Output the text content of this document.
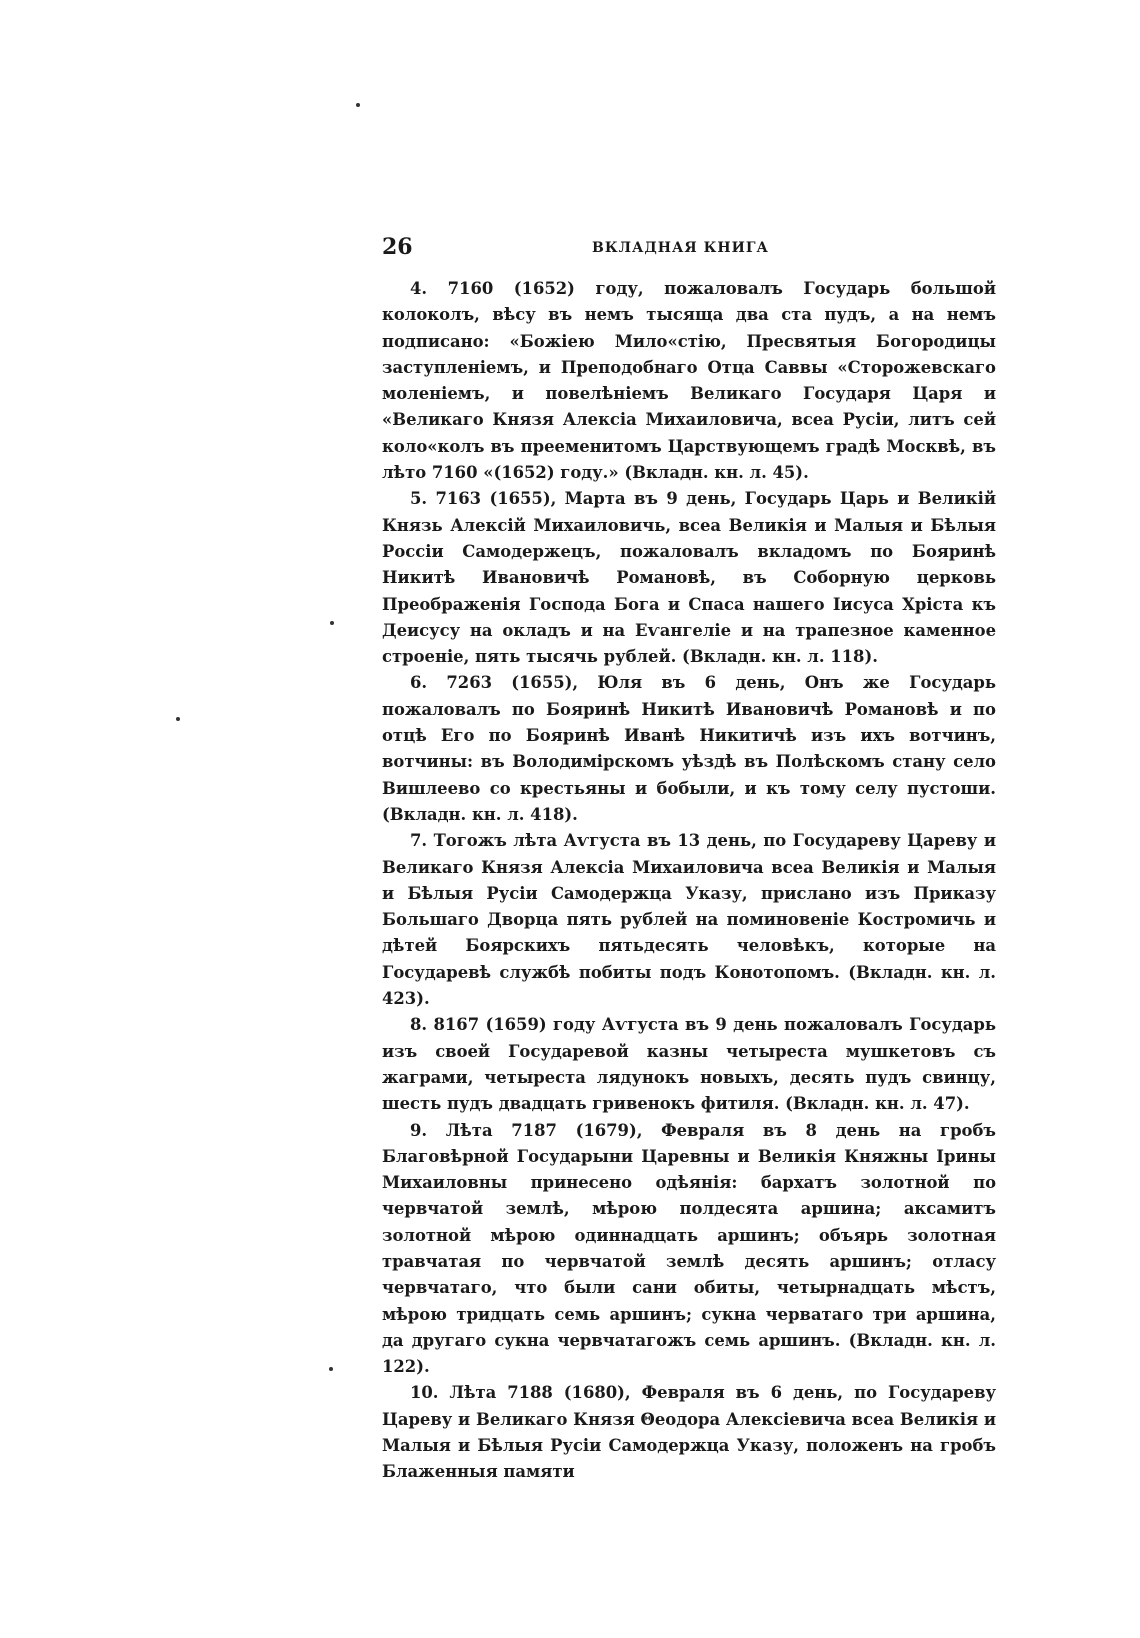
26	ВКЛАДНАЯ КНИГА

4. 7160 (1652) году, пожаловалъ Государь большой колоколъ, вѣсу въ немъ тысяща два ста пудъ, а на немъ подписано: «Божіею Мило«стію, Пресвятыя Богородицы заступленіемъ, и Преподобнаго Отца Саввы «Сторожевскаго моленіемъ, и повелѣніемъ Великаго Государя Царя и «Великаго Князя Алексіа Михаиловича, всеа Русіи, литъ сей коло«колъ въ прееменитомъ Царствующемъ градѣ Москвѣ, въ лѣто 7160 «(1652) году.» (Вкладн. кн. л. 45).

5. 7163 (1655), Марта въ 9 день, Государь Царь и Великій Князь Алексій Михаиловичь, всеа Великія и Малыя и Бѣлыя Россіи Самодержецъ, пожаловалъ вкладомъ по Бояринѣ Никитѣ Ивановичѣ Романовѣ, въ Соборную церковь Преображенія Господа Бога и Спаса нашего Іисуса Хріста къ Деисусу на окладъ и на Еѵангеліе и на трапезное каменное строеніе, пять тысячь рублей. (Вкладн. кн. л. 118).

6. 7263 (1655), Юля въ 6 день, Онъ же Государь пожаловалъ по Бояринѣ Никитѣ Ивановичѣ Романовѣ и по отцѣ Его по Бояринѣ Иванѣ Никитичѣ изъ ихъ вотчинъ, вотчины: въ Володимірскомъ уѣздѣ въ Полѣскомъ стану село Вишлеево со крестьяны и бобыли, и къ тому селу пустоши. (Вкладн. кн. л. 418).

7. Тогожъ лѣта Аѵгуста въ 13 день, по Государеву Цареву и Великаго Князя Алексіа Михаиловича всеа Великія и Малыя и Бѣлыя Русіи Самодержца Указу, прислано изъ Приказу Большаго Дворца пять рублей на поминовеніе Костромичь и дѣтей Боярскихъ пятьдесять человѣкъ, которые на Государевѣ службѣ побиты подъ Конотопомъ. (Вкладн. кн. л. 423).

8. 8167 (1659) году Аѵгуста въ 9 день пожаловалъ Государь изъ своей Государевой казны четыреста мушкетовъ съ жаграми, четыреста лядунокъ новыхъ, десять пудъ свинцу, шесть пудъ двадцать гривенокъ фитиля. (Вкладн. кн. л. 47).

9. Лѣта 7187 (1679), Февраля въ 8 день на гробъ Благовѣрной Государыни Царевны и Великія Княжны Ірины Михаиловны принесено одѣянія: бархатъ золотной по червчатой землѣ, мѣрою полдесята аршина; аксамитъ золотной мѣрою одиннадцать аршинъ; объярь золотная травчатая по червчатой землѣ десять аршинъ; отласу червчатаго, что были сани обиты, четырнадцать мѣстъ, мѣрою тридцать семь аршинъ; сукна черватаго три аршина, да другаго сукна червчатагожъ семь аршинъ. (Вкладн. кн. л. 122).

10. Лѣта 7188 (1680), Февраля въ 6 день, по Государеву Цареву и Великаго Князя Θеодора Алексіевича всеа Великія и Малыя и Бѣлыя Русіи Самодержца Указу, положенъ на гробъ Блаженныя памяти
